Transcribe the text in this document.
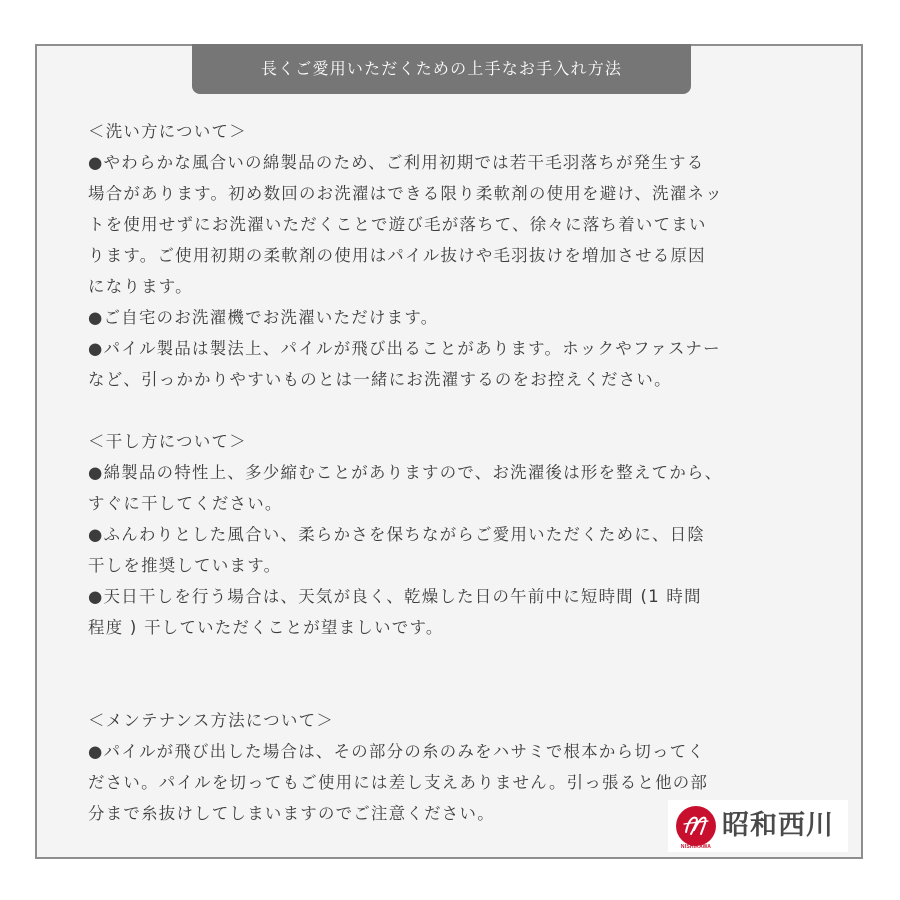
長くご愛用いただくための上手なお手入れ方法
＜洗い方について＞
●やわらかな風合いの綿製品のため、ご利用初期では若干毛羽落ちが発生する
場合があります。初め数回のお洗濯はできる限り柔軟剤の使用を避け、洗濯ネッ
トを使用せずにお洗濯いただくことで遊び毛が落ちて、徐々に落ち着いてまい
ります。ご使用初期の柔軟剤の使用はパイル抜けや毛羽抜けを増加させる原因
になります。
●ご自宅のお洗濯機でお洗濯いただけます。
●パイル製品は製法上、パイルが飛び出ることがあります。ホックやファスナー
など、引っかかりやすいものとは一緒にお洗濯するのをお控えください。
＜干し方について＞
●綿製品の特性上、多少縮むことがありますので、お洗濯後は形を整えてから、
すぐに干してください。
●ふんわりとした風合い、柔らかさを保ちながらご愛用いただくために、日陰
干しを推奨しています。
●天日干しを行う場合は、天気が良く、乾燥した日の午前中に短時間 (1 時間
程度 ) 干していただくことが望ましいです。
＜メンテナンス方法について＞
●パイルが飛び出した場合は、その部分の糸のみをハサミで根本から切ってく
ださい。パイルを切ってもご使用には差し支えありません。引っ張ると他の部
分まで糸抜けしてしまいますのでご注意ください。
NISHIKAWA
昭和西川
